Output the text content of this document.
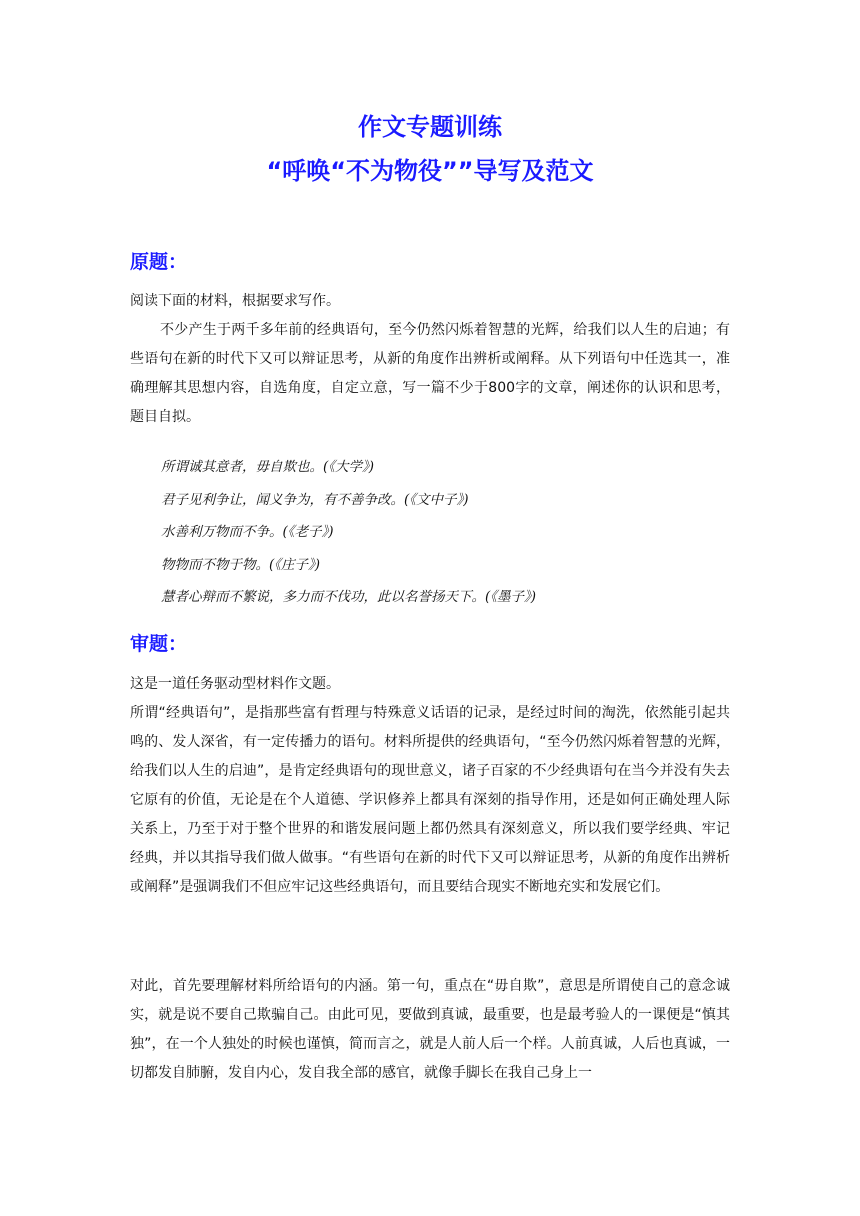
作文专题训练
“呼唤“不为物役””导写及范文
原题：

阅读下面的材料，根据要求写作。

不少产生于两千多年前的经典语句，至今仍然闪烁着智慧的光辉，给我们以人生的启迪；有些语句在新的时代下又可以辩证思考，从新的角度作出辨析或阐释。从下列语句中任选其一，准确理解其思想内容，自选角度，自定立意，写一篇不少于800字的文章，阐述你的认识和思考，题目自拟。

所谓诚其意者，毋自欺也。(《大学》)
君子见利争让，闻义争为，有不善争改。(《文中子》)
水善利万物而不争。(《老子》)
物物而不物于物。(《庄子》)
慧者心辩而不繁说，多力而不伐功，此以名誉扬天下。(《墨子》)
审题：

这是一道任务驱动型材料作文题。

所谓“经典语句”，是指那些富有哲理与特殊意义话语的记录，是经过时间的淘洗，依然能引起共鸣的、发人深省，有一定传播力的语句。材料所提供的经典语句，“至今仍然闪烁着智慧的光辉，给我们以人生的启迪”，是肯定经典语句的现世意义，诸子百家的不少经典语句在当今并没有失去它原有的价值，无论是在个人道德、学识修养上都具有深刻的指导作用，还是如何正确处理人际关系上，乃至于对于整个世界的和谐发展问题上都仍然具有深刻意义，所以我们要学经典、牢记经典，并以其指导我们做人做事。“有些语句在新的时代下又可以辩证思考，从新的角度作出辨析或阐释”是强调我们不但应牢记这些经典语句，而且要结合现实不断地充实和发展它们。

对此，首先要理解材料所给语句的内涵。第一句，重点在“毋自欺”，意思是所谓使自己的意念诚实，就是说不要自己欺骗自己。由此可见，要做到真诚，最重要，也是最考验人的一课便是“慎其独”，在一个人独处的时候也谨慎，简而言之，就是人前人后一个样。人前真诚，人后也真诚，一切都发自肺腑，发自内心，发自我全部的感官，就像手脚长在我自己身上一
